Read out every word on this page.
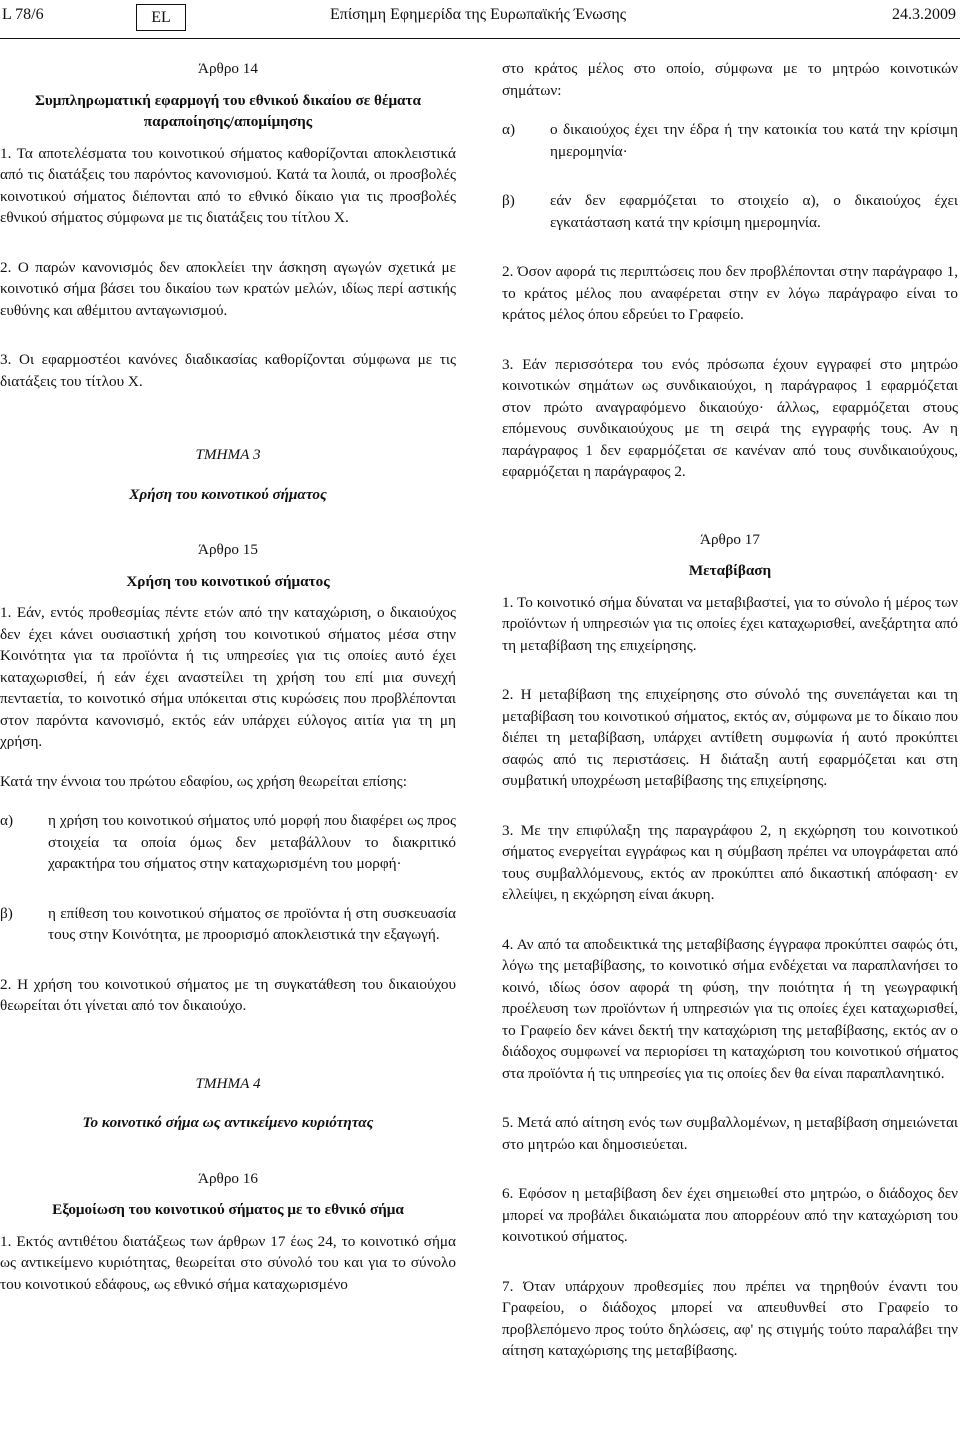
L 78/6	EL	Επίσημη Εφημερίδα της Ευρωπαϊκής Ένωσης	24.3.2009

Άρθρο 14

Συμπληρωματική εφαρμογή του εθνικού δικαίου σε θέματα παραποίησης/απομίμησης

1. Τα αποτελέσματα του κοινοτικού σήματος καθορίζονται αποκλειστικά από τις διατάξεις του παρόντος κανονισμού. Κατά τα λοιπά, οι προσβολές κοινοτικού σήματος διέπονται από το εθνικό δίκαιο για τις προσβολές εθνικού σήματος σύμφωνα με τις διατάξεις του τίτλου X.

2. Ο παρών κανονισμός δεν αποκλείει την άσκηση αγωγών σχετικά με κοινοτικό σήμα βάσει του δικαίου των κρατών μελών, ιδίως περί αστικής ευθύνης και αθέμιτου ανταγωνισμού.

3. Οι εφαρμοστέοι κανόνες διαδικασίας καθορίζονται σύμφωνα με τις διατάξεις του τίτλου X.

ΤΜΗΜΑ 3

Χρήση του κοινοτικού σήματος

Άρθρο 15

Χρήση του κοινοτικού σήματος

1. Εάν, εντός προθεσμίας πέντε ετών από την καταχώριση, ο δικαιούχος δεν έχει κάνει ουσιαστική χρήση του κοινοτικού σήματος μέσα στην Κοινότητα για τα προϊόντα ή τις υπηρεσίες για τις οποίες αυτό έχει καταχωρισθεί, ή εάν έχει αναστείλει τη χρήση του επί μια συνεχή πενταετία, το κοινοτικό σήμα υπόκειται στις κυρώσεις που προβλέπονται στον παρόντα κανονισμό, εκτός εάν υπάρχει εύλογος αιτία για τη μη χρήση.

Κατά την έννοια του πρώτου εδαφίου, ως χρήση θεωρείται επίσης:

α)	η χρήση του κοινοτικού σήματος υπό μορφή που διαφέρει ως προς στοιχεία τα οποία όμως δεν μεταβάλλουν το διακριτικό χαρακτήρα του σήματος στην καταχωρισμένη του μορφή·
β)	η επίθεση του κοινοτικού σήματος σε προϊόντα ή στη συσκευασία τους στην Κοινότητα, με προορισμό αποκλειστικά την εξαγωγή.

2. Η χρήση του κοινοτικού σήματος με τη συγκατάθεση του δικαιούχου θεωρείται ότι γίνεται από τον δικαιούχο.

ΤΜΗΜΑ 4

Το κοινοτικό σήμα ως αντικείμενο κυριότητας

Άρθρο 16

Εξομοίωση του κοινοτικού σήματος με το εθνικό σήμα

1. Εκτός αντιθέτου διατάξεως των άρθρων 17 έως 24, το κοινοτικό σήμα ως αντικείμενο κυριότητας, θεωρείται στο σύνολό του και για το σύνολο του κοινοτικού εδάφους, ως εθνικό σήμα καταχωρισμένο

στο κράτος μέλος στο οποίο, σύμφωνα με το μητρώο κοινοτικών σημάτων:

α)	ο δικαιούχος έχει την έδρα ή την κατοικία του κατά την κρίσιμη ημερομηνία·
β)	εάν δεν εφαρμόζεται το στοιχείο α), ο δικαιούχος έχει εγκατάσταση κατά την κρίσιμη ημερομηνία.

2. Όσον αφορά τις περιπτώσεις που δεν προβλέπονται στην παράγραφο 1, το κράτος μέλος που αναφέρεται στην εν λόγω παράγραφο είναι το κράτος μέλος όπου εδρεύει το Γραφείο.

3. Εάν περισσότερα του ενός πρόσωπα έχουν εγγραφεί στο μητρώο κοινοτικών σημάτων ως συνδικαιούχοι, η παράγραφος 1 εφαρμόζεται στον πρώτο αναγραφόμενο δικαιούχο· άλλως, εφαρμόζεται στους επόμενους συνδικαιούχους με τη σειρά της εγγραφής τους. Αν η παράγραφος 1 δεν εφαρμόζεται σε κανέναν από τους συνδικαιούχους, εφαρμόζεται η παράγραφος 2.

Άρθρο 17

Μεταβίβαση

1. Το κοινοτικό σήμα δύναται να μεταβιβαστεί, για το σύνολο ή μέρος των προϊόντων ή υπηρεσιών για τις οποίες έχει καταχωρισθεί, ανεξάρτητα από τη μεταβίβαση της επιχείρησης.

2. Η μεταβίβαση της επιχείρησης στο σύνολό της συνεπάγεται και τη μεταβίβαση του κοινοτικού σήματος, εκτός αν, σύμφωνα με το δίκαιο που διέπει τη μεταβίβαση, υπάρχει αντίθετη συμφωνία ή αυτό προκύπτει σαφώς από τις περιστάσεις. Η διάταξη αυτή εφαρμόζεται και στη συμβατική υποχρέωση μεταβίβασης της επιχείρησης.

3. Με την επιφύλαξη της παραγράφου 2, η εκχώρηση του κοινοτικού σήματος ενεργείται εγγράφως και η σύμβαση πρέπει να υπογράφεται από τους συμβαλλόμενους, εκτός αν προκύπτει από δικαστική απόφαση· εν ελλείψει, η εκχώρηση είναι άκυρη.

4. Αν από τα αποδεικτικά της μεταβίβασης έγγραφα προκύπτει σαφώς ότι, λόγω της μεταβίβασης, το κοινοτικό σήμα ενδέχεται να παραπλανήσει το κοινό, ιδίως όσον αφορά τη φύση, την ποιότητα ή τη γεωγραφική προέλευση των προϊόντων ή υπηρεσιών για τις οποίες έχει καταχωρισθεί, το Γραφείο δεν κάνει δεκτή την καταχώριση της μεταβίβασης, εκτός αν ο διάδοχος συμφωνεί να περιορίσει τη καταχώριση του κοινοτικού σήματος στα προϊόντα ή τις υπηρεσίες για τις οποίες δεν θα είναι παραπλανητικό.

5. Μετά από αίτηση ενός των συμβαλλομένων, η μεταβίβαση σημειώνεται στο μητρώο και δημοσιεύεται.

6. Εφόσον η μεταβίβαση δεν έχει σημειωθεί στο μητρώο, ο διάδοχος δεν μπορεί να προβάλει δικαιώματα που απορρέουν από την καταχώριση του κοινοτικού σήματος.

7. Όταν υπάρχουν προθεσμίες που πρέπει να τηρηθούν έναντι του Γραφείου, ο διάδοχος μπορεί να απευθυνθεί στο Γραφείο το προβλεπόμενο προς τούτο δηλώσεις, αφ' ης στιγμής τούτο παραλάβει την αίτηση καταχώρισης της μεταβίβασης.
